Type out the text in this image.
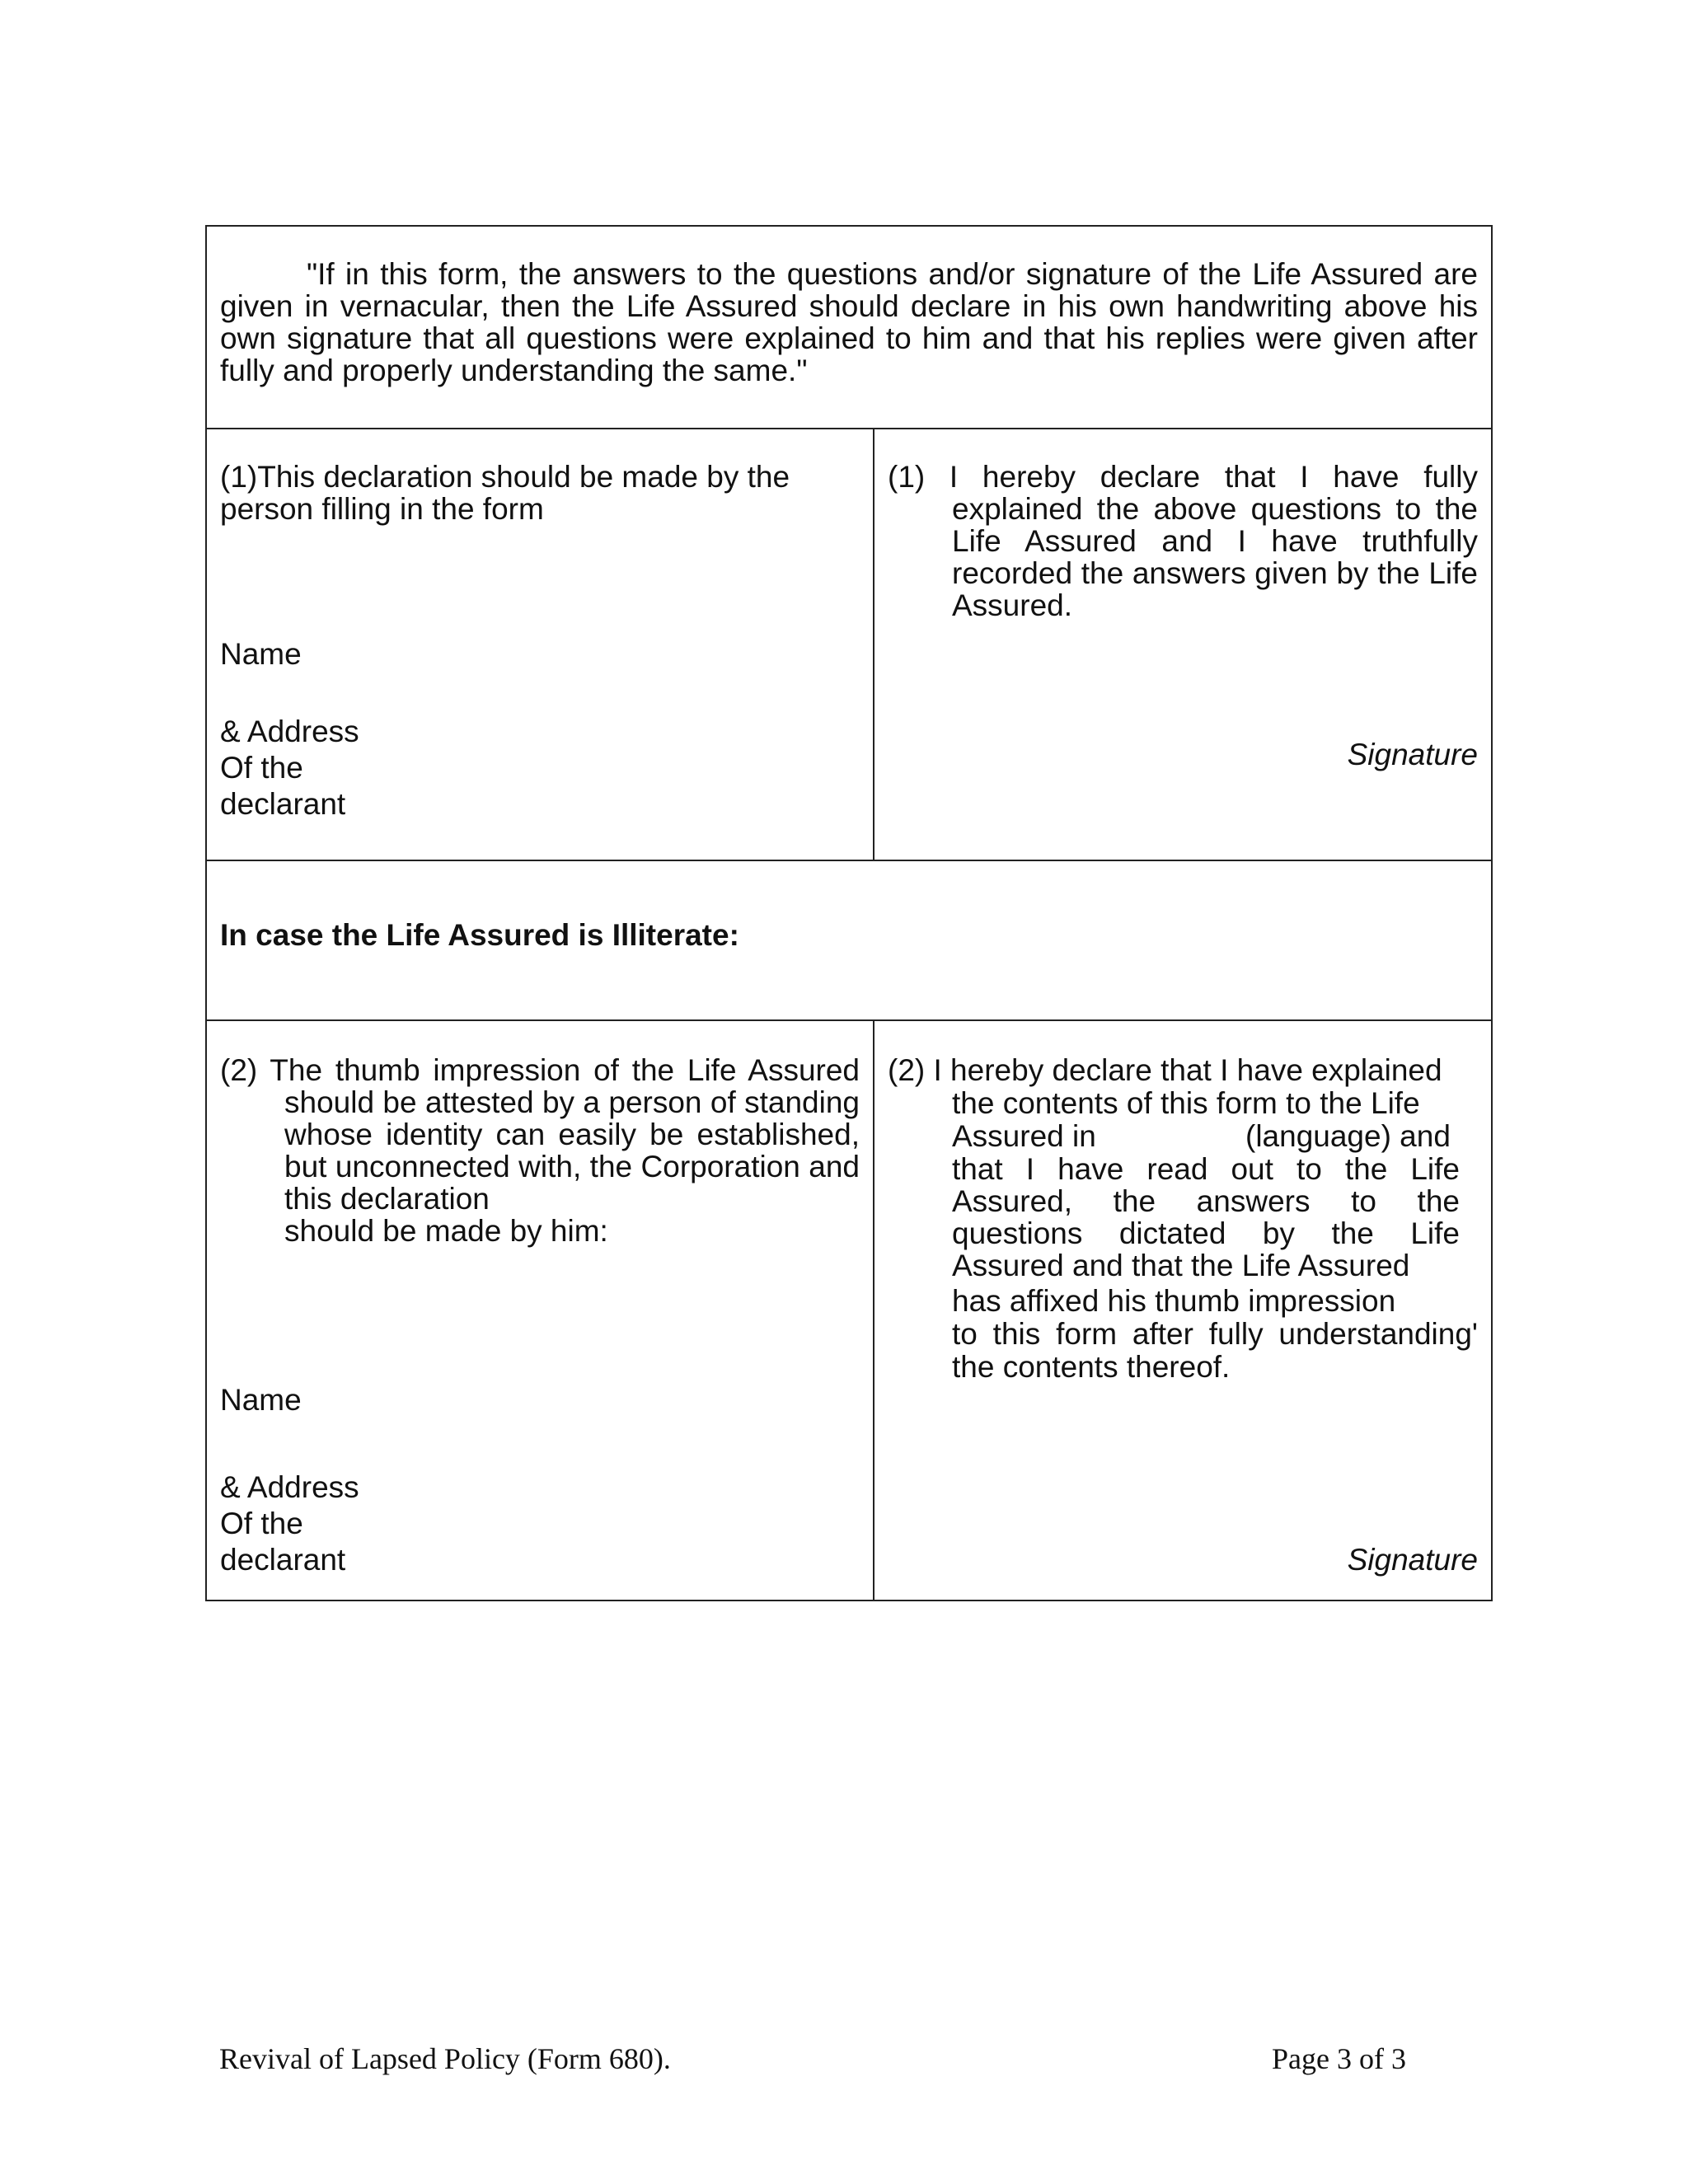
"If in this form, the answers to the questions and/or signature of the Life Assured are given in vernacular, then the Life Assured should declare in his own handwriting above his own signature that all questions were explained to him and that his replies were given after fully and properly understanding the same."

(1)This declaration should be made by the person filling in the form

Name

& Address

Of the

declarant

(1) I hereby declare that I have fully explained the above questions to the Life Assured and I have truthfully recorded the answers given by the Life Assured.

Signature

In case the Life Assured is Illiterate:

(2) The thumb impression of the Life Assured should be attested by a person of standing whose identity can easily be established, but unconnected with, the Corporation and this declaration

should be made by him:

Name

& Address

Of the

declarant

(2) I hereby declare that I have explained

the contents of this form to the Life

Assured in	(language) and

that I have read out to the Life Assured, the answers to the questions dictated by the Life Assured and that the Life Assured

has affixed his thumb impression

to this form after fully understanding'

the contents thereof.

Signature

Revival of Lapsed Policy (Form 680).	Page 3 of 3
